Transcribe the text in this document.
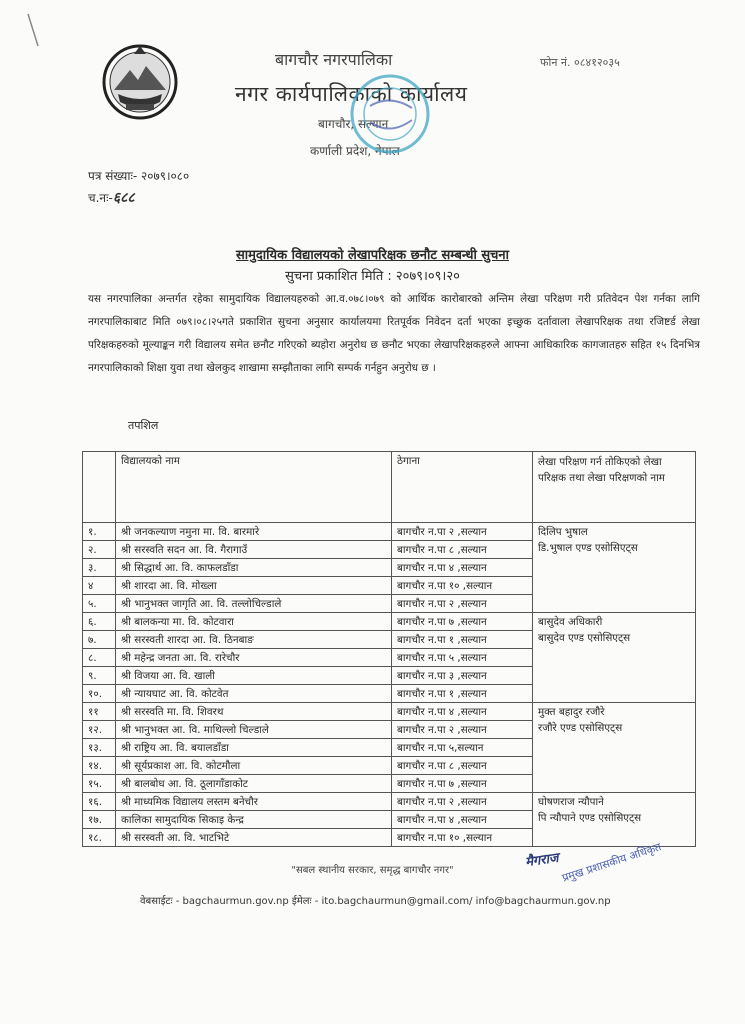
बागचौर नगरपालिका
नगर कार्यपालिकाको कार्यालय
बागचौर, सल्यान
कर्णाली प्रदेश, नेपाल
फोन नं. ०८४१२०३५
पत्र संख्याः- २०७९।०८०
च.नः-६८८
सामुदायिक विद्यालयको लेखापरिक्षक छनौट सम्बन्धी सुचना
सुचना प्रकाशित मिति : २०७९।०९।२०
यस नगरपालिका अन्तर्गत रहेका सामुदायिक विद्यालयहरुको आ.व.०७८।०७९ को आर्थिक कारोबारको अन्तिम लेखा परिक्षण गरी प्रतिवेदन पेश गर्नका लागि नगरपालिकाबाट मिति ०७९।०८।२५गते प्रकाशित सुचना अनुसार कार्यालयमा रितपूर्वक निवेदन दर्ता भएका इच्छुक दर्तावाला लेखापरिक्षक तथा रजिष्टर्ड लेखा परिक्षकहरुको मूल्याङ्कन गरी विद्यालय समेत छनौट गरिएको ब्यहोरा अनुरोध छ छनौट भएका लेखापरिक्षकहरुले आफ्ना आधिकारिक कागजातहरु सहित १५ दिनभित्र नगरपालिकाको शिक्षा युवा तथा खेलकुद शाखामा सम्झौताका लागि सम्पर्क गर्नहुन अनुरोध छ ।
तपशिल
	विद्यालयको नाम	ठेगाना	लेखा परिक्षण गर्न तोकिएको लेखा परिक्षक तथा लेखा परिक्षणको नाम
१.	श्री जनकल्याण नमुना मा. वि. बारमारे	बागचौर न.पा २ ,सल्यान	दिलिप भुषाल
डि.भुषाल एण्ड एसोसिएट्स

२.	श्री सरस्वति सदन आ. वि. गैरागाउँ	बागचौर न.पा ८ ,सल्यान	
३.	श्री सिद्धार्थ आ. वि. काफलडाँडा	बागचौर न.पा ४ ,सल्यान	
४	श्री शारदा आ. वि. मोख्ला	बागचौर न.पा १० ,सल्यान	
५.	श्री भानुभक्त जागृति आ. वि. तल्लोचिल्डाले	बागचौर न.पा २ ,सल्यान	
६.	श्री बालकन्या मा. वि. कोटवारा	बागचौर न.पा ७ ,सल्यान	बासुदेव अधिकारी
बासुदेव एण्ड एसोसिएट्स

७.	श्री सरस्वती शारदा आ. वि. ठिनबाङ	बागचौर न.पा १ ,सल्यान	
८.	श्री महेन्द्र जनता आ. वि. रारेचौर	बागचौर न.पा ५ ,सल्यान	
९.	श्री विजया आ. वि. खाली	बागचौर न.पा ३ ,सल्यान	
१०.	श्री न्यायघाट आ. वि. कोटवेत	बागचौर न.पा १ ,सल्यान	
११	श्री सरस्वति मा. वि. शिवरथ	बागचौर न.पा ४ ,सल्यान	मुक्त बहादुर रजौरे
रजौरे एण्ड एसोसिएट्स

१२.	श्री भानुभक्त आ. वि. माथिल्लो चिल्डाले	बागचौर न.पा २ ,सल्यान	
१३.	श्री राष्ट्रिय आ. वि. बयालडाँडा	बागचौर न.पा ५,सल्यान	
१४.	श्री सूर्यप्रकाश आ. वि. कोटमौला	बागचौर न.पा ८ ,सल्यान	
१५.	श्री बालबोध आ. वि. ठूलागाँडाकोट	बागचौर न.पा ७ ,सल्यान	
१६.	श्री माध्यमिक विद्यालय लस्तम बनेचौर	बागचौर न.पा २ ,सल्यान	घोषणराज न्यौपाने
पि न्यौपाने एण्ड एसोसिएट्स

१७.	कालिका सामुदायिक सिकाइ केन्द्र	बागचौर न.पा ४ ,सल्यान	
१८.	श्री सरस्वती आ. वि. भाटभिटे	बागचौर न.पा १० ,सल्यान	
मैगराज प्रमुख प्रशासकीय अधिकृत
"सबल स्थानीय सरकार, समृद्ध बागचौर नगर"
वेबसाईटः - bagchaurmun.gov.np ईमेलः - ito.bagchaurmun@gmail.com/ info@bagchaurmun.gov.np
